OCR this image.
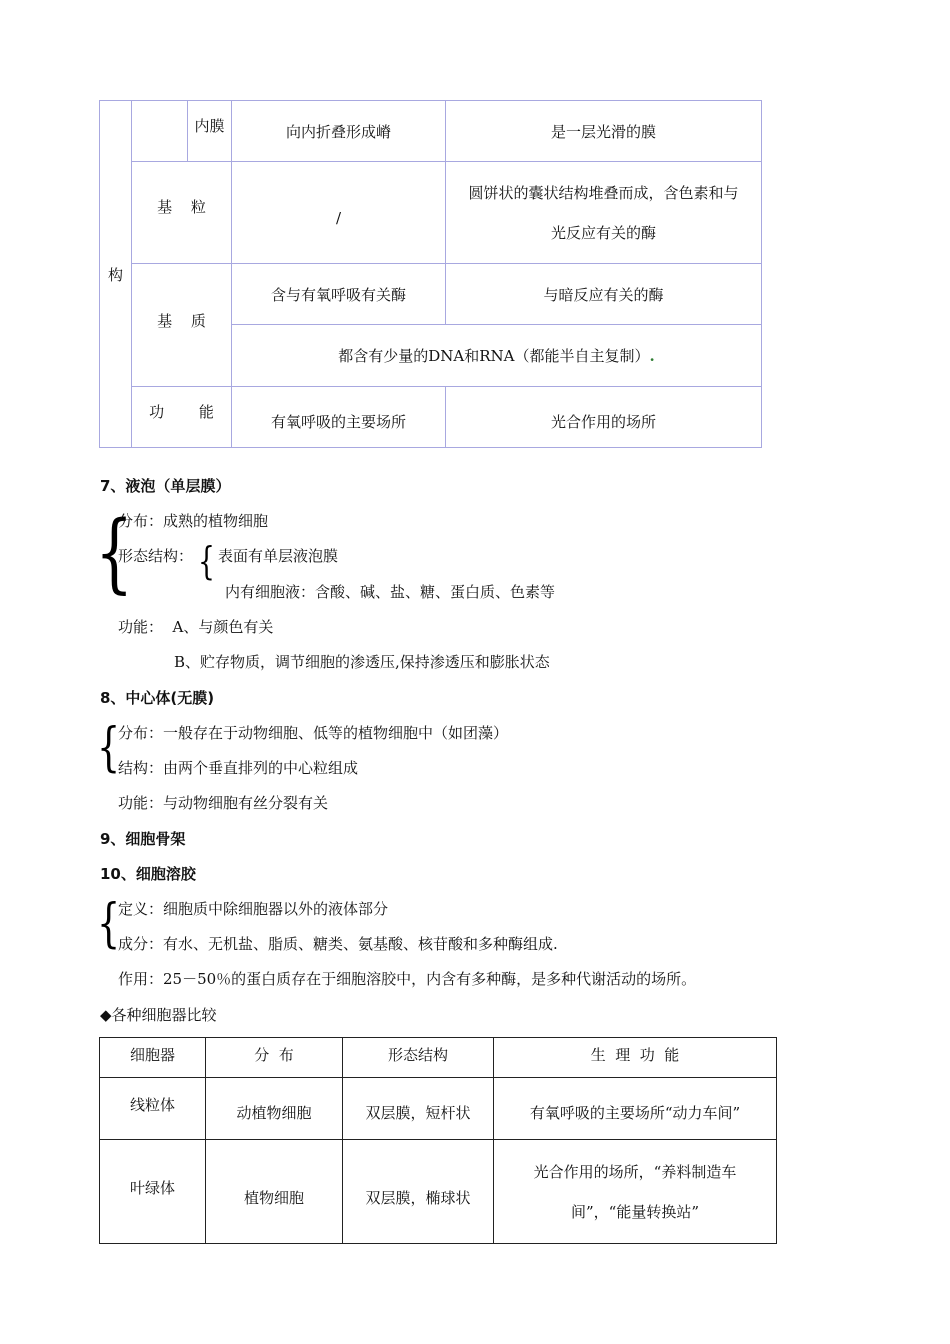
构		内膜	向内折叠形成嵴	是一层光滑的膜
	基 粒		/	圆饼状的囊状结构堆叠而成，含色素和与
光反应有关的酶

	基 质		含与有氧呼吸有关酶	与暗反应有关的酶
			都含有少量的DNA和RNA（都能半自主复制）.	
	功 能		有氧呼吸的主要场所	光合作用的场所
7、液泡（单层膜）
{
分布：成熟的植物细胞
形态结构： { 表面有单层液泡膜
内有细胞液：含酸、碱、盐、糖、蛋白质、色素等
功能：  A、与颜色有关
B、贮存物质，调节细胞的渗透压,保持渗透压和膨胀状态
8、中心体(无膜)
{
分布：一般存在于动物细胞、低等的植物细胞中（如团藻）
结构：由两个垂直排列的中心粒组成
功能：与动物细胞有丝分裂有关
9、细胞骨架
10、细胞溶胶
{
定义：细胞质中除细胞器以外的液体部分
成分：有水、无机盐、脂质、糖类、氨基酸、核苷酸和多种酶组成.
作用：25－50％的蛋白质存在于细胞溶胶中，内含有多种酶，是多种代谢活动的场所。
◆各种细胞器比较
细胞器	分  布	形态结构	生  理  功  能
线粒体	动植物细胞	双层膜，短杆状	有氧呼吸的主要场所“动力车间”
叶绿体	植物细胞	双层膜，椭球状	光合作用的场所，“养料制造车
间”，“能量转换站”
